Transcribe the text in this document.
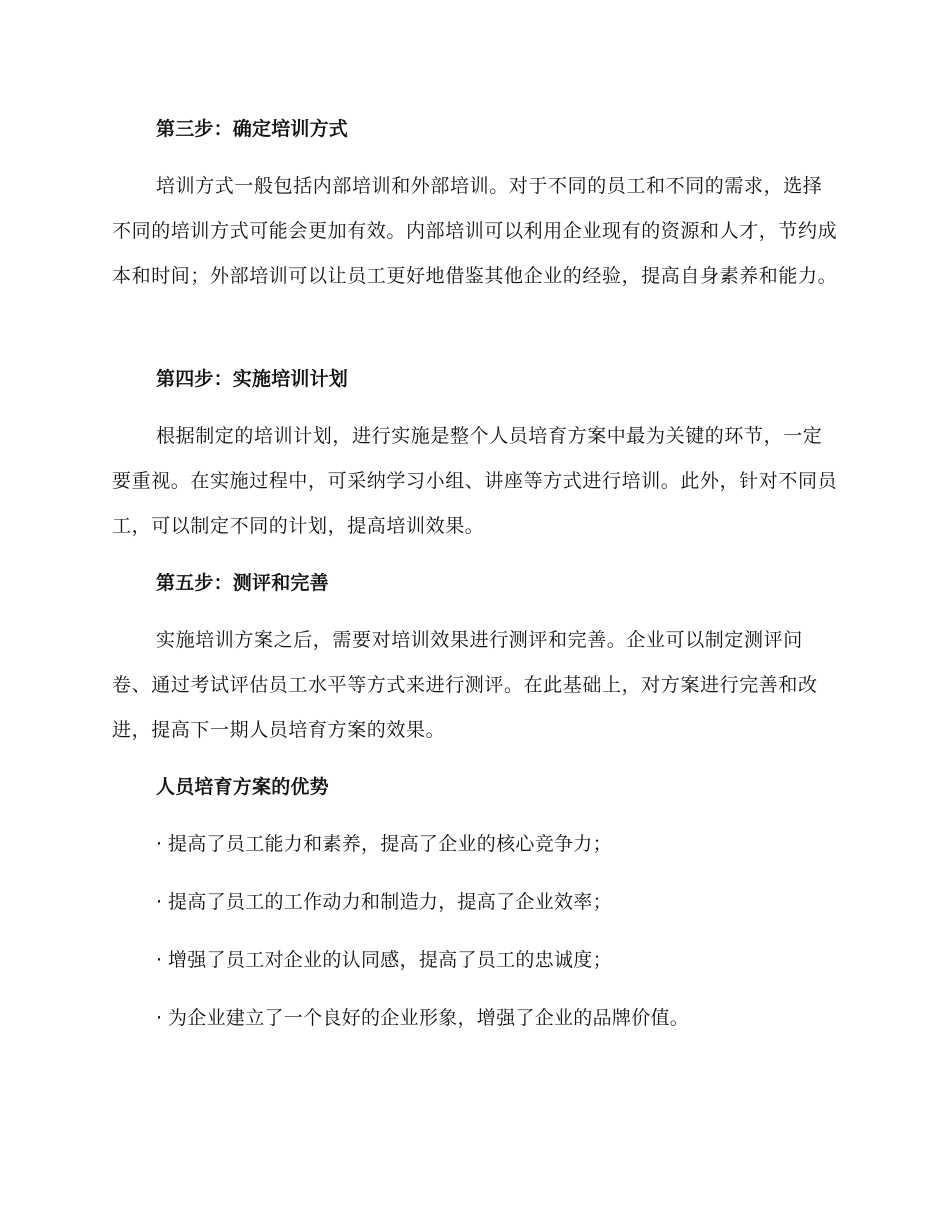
第三步：确定培训方式

培训方式一般包括内部培训和外部培训。对于不同的员工和不同的需求，选择不同的培训方式可能会更加有效。内部培训可以利用企业现有的资源和人才，节约成本和时间；外部培训可以让员工更好地借鉴其他企业的经验，提高自身素养和能力。

第四步：实施培训计划

根据制定的培训计划，进行实施是整个人员培育方案中最为关键的环节，一定要重视。在实施过程中，可采纳学习小组、讲座等方式进行培训。此外，针对不同员工，可以制定不同的计划，提高培训效果。

第五步：测评和完善

实施培训方案之后，需要对培训效果进行测评和完善。企业可以制定测评问卷、通过考试评估员工水平等方式来进行测评。在此基础上，对方案进行完善和改进，提高下一期人员培育方案的效果。

人员培育方案的优势
· 提高了员工能力和素养，提高了企业的核心竞争力；
· 提高了员工的工作动力和制造力，提高了企业效率；
· 增强了员工对企业的认同感，提高了员工的忠诚度；
· 为企业建立了一个良好的企业形象，增强了企业的品牌价值。
